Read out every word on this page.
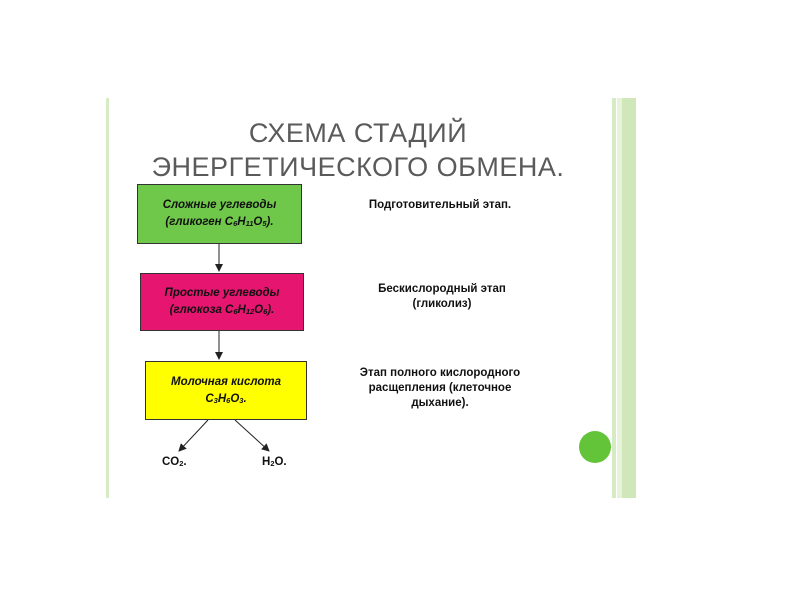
СХЕМА СТАДИЙ
ЭНЕРГЕТИЧЕСКОГО ОБМЕНА.
Сложные углеводы
(гликоген $C_6H_{11}O_5$).
Простые углеводы
(глюкоза $C_6H_{12}O_6$).
Молочная кислота
$C_3H_6O_3$.

Подготовительный этап.

Бескислородный этап
(гликолиз)

Этап полного кислородного
расщепления (клеточное
дыхание).

$CO_2$.	$H_2O$.
